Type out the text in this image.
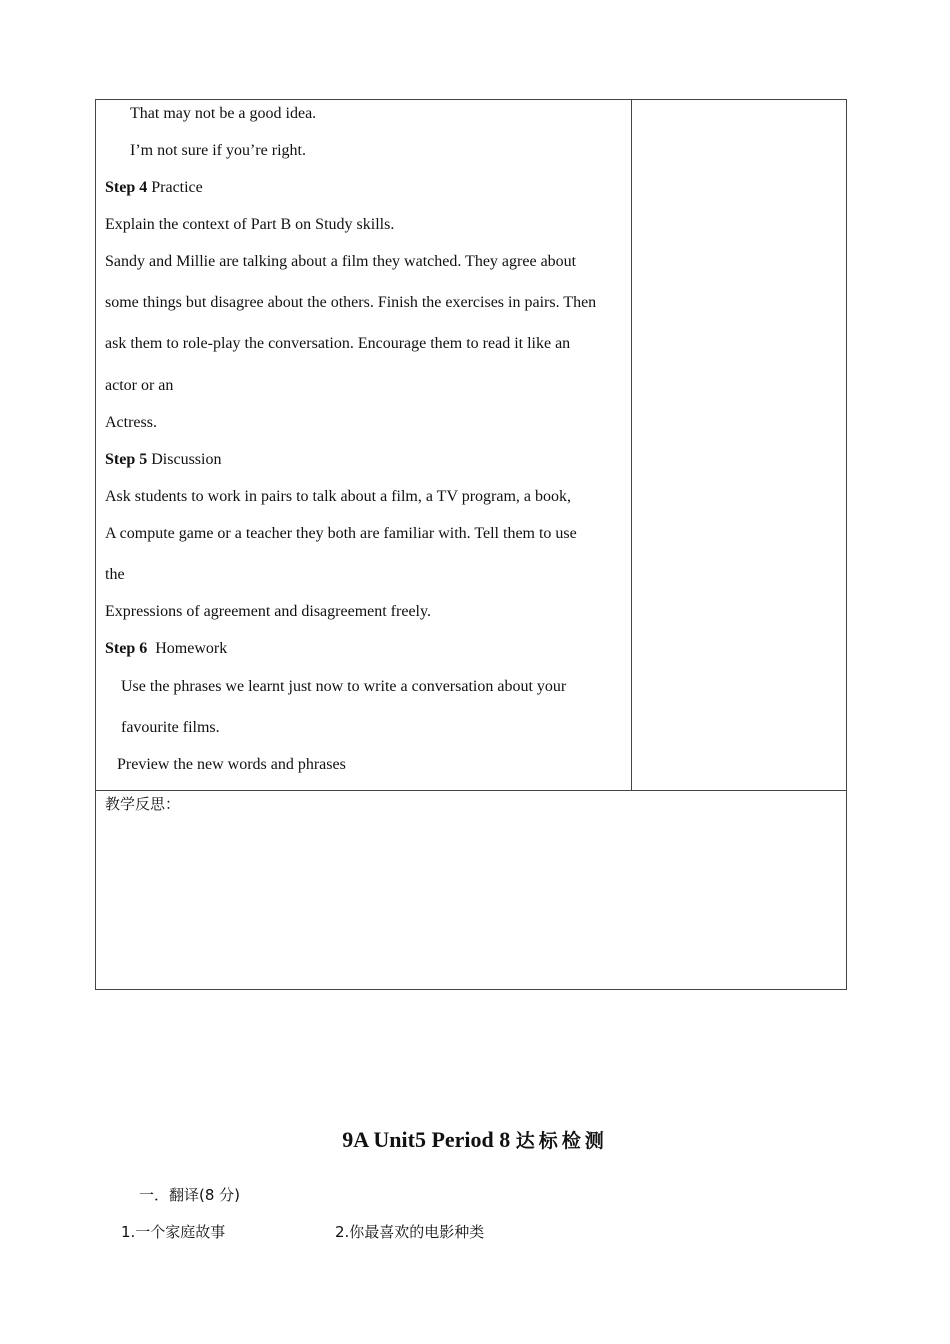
That may not be a good idea.
I’m not sure if you’re right.
Step 4 Practice
Explain the context of Part B on Study skills.
Sandy and Millie are talking about a film they watched. They agree about
some things but disagree about the others. Finish the exercises in pairs. Then
ask them to role-play the conversation. Encourage them to read it like an
actor or an
Actress.
Step 5 Discussion
Ask students to work in pairs to talk about a film, a TV program, a book,
A compute game or a teacher they both are familiar with. Tell them to use
the
Expressions of agreement and disagreement freely.
Step 6 Homework
Use the phrases we learnt just now to write a conversation about your
favourite films.
Preview the new words and phrases
教学反思：
9A Unit5 Period 8 达标检测
一．翻译(8 分)
1.一个家庭故事	2.你最喜欢的电影种类
